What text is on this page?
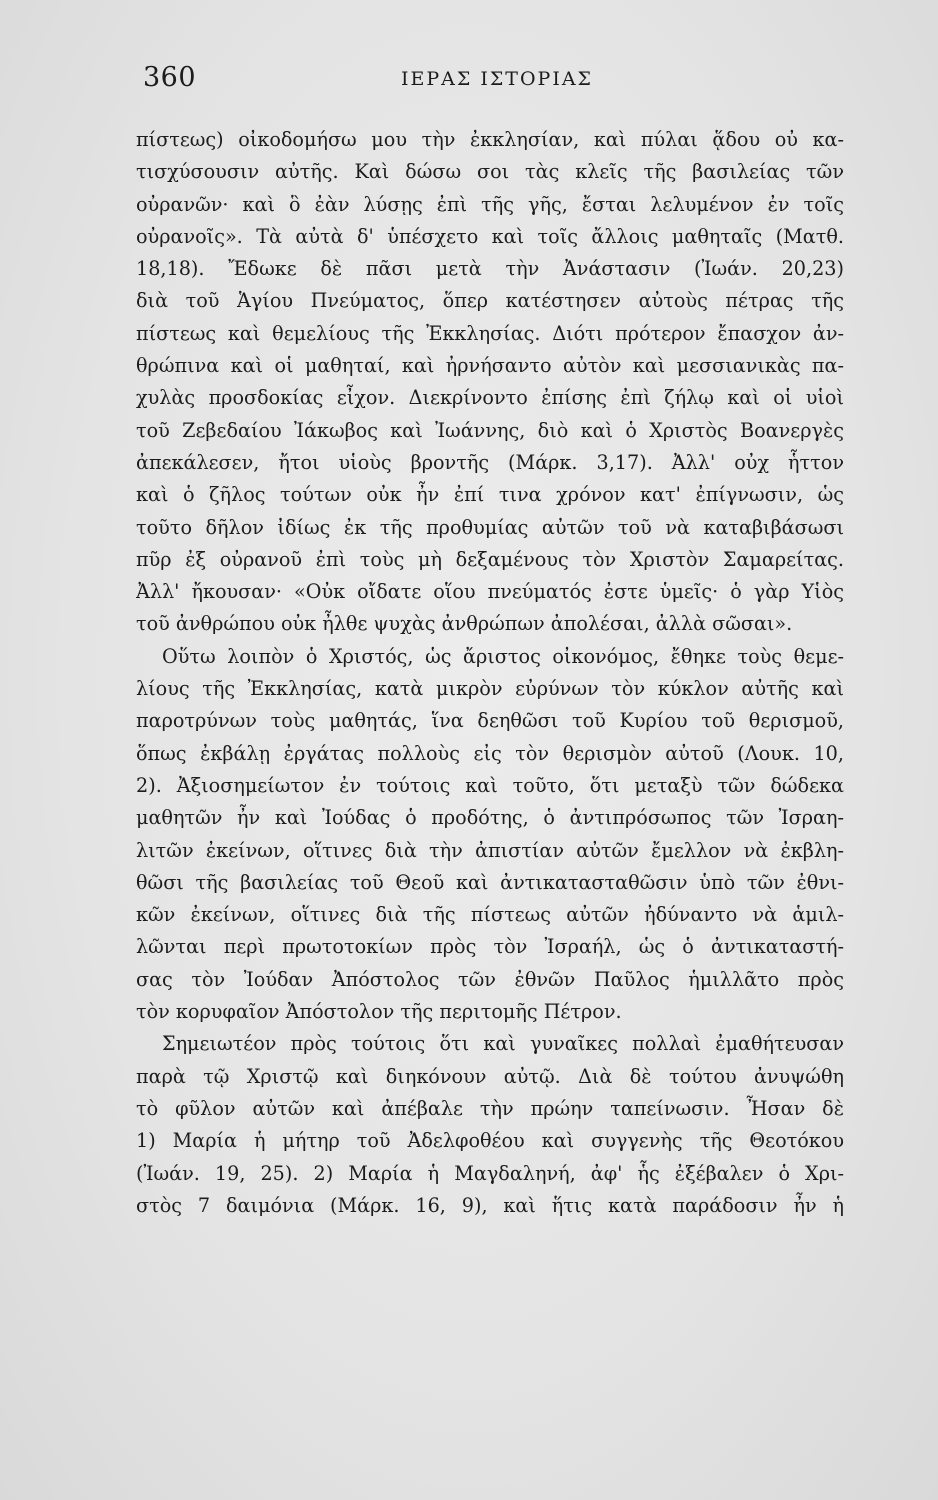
360	ΙΕΡΑΣ ΙΣΤΟΡΙΑΣ
πίστεως) οἰκοδομήσω μου τὴν ἐκκλησίαν, καὶ πύλαι ᾅδου οὐ κα-
τισχύσουσιν αὐτῆς. Καὶ δώσω σοι τὰς κλεῖς τῆς βασιλείας τῶν
οὐρανῶν· καὶ ὃ ἐὰν λύσῃς ἐπὶ τῆς γῆς, ἔσται λελυμένον ἐν τοῖς
οὐρανοῖς». Τὰ αὐτὰ δ' ὑπέσχετο καὶ τοῖς ἄλλοις μαθηταῖς (Ματθ.
18,18). Ἔδωκε δὲ πᾶσι μετὰ τὴν Ἀνάστασιν (Ἰωάν. 20,23)
διὰ τοῦ Ἁγίου Πνεύματος, ὅπερ κατέστησεν αὐτοὺς πέτρας τῆς
πίστεως καὶ θεμελίους τῆς Ἐκκλησίας. Διότι πρότερον ἔπασχον ἀν-
θρώπινα καὶ οἱ μαθηταί, καὶ ἠρνήσαντο αὐτὸν καὶ μεσσιανικὰς πα-
χυλὰς προσδοκίας εἶχον. Διεκρίνοντο ἐπίσης ἐπὶ ζήλῳ καὶ οἱ υἱοὶ
τοῦ Ζεβεδαίου Ἰάκωβος καὶ Ἰωάννης, διὸ καὶ ὁ Χριστὸς Βοανεργὲς
ἀπεκάλεσεν, ἤτοι υἱοὺς βροντῆς (Μάρκ. 3,17). Ἀλλ' οὐχ ἧττον
καὶ ὁ ζῆλος τούτων οὐκ ἦν ἐπί τινα χρόνον κατ' ἐπίγνωσιν, ὡς
τοῦτο δῆλον ἰδίως ἐκ τῆς προθυμίας αὐτῶν τοῦ νὰ καταβιβάσωσι
πῦρ ἐξ οὐρανοῦ ἐπὶ τοὺς μὴ δεξαμένους τὸν Χριστὸν Σαμαρείτας.
Ἀλλ' ἤκουσαν· «Οὐκ οἴδατε οἵου πνεύματός ἐστε ὑμεῖς· ὁ γὰρ Υἱὸς
τοῦ ἀνθρώπου οὐκ ἦλθε ψυχὰς ἀνθρώπων ἀπολέσαι, ἀλλὰ σῶσαι».
Οὕτω λοιπὸν ὁ Χριστός, ὡς ἄριστος οἰκονόμος, ἔθηκε τοὺς θεμε-
λίους τῆς Ἐκκλησίας, κατὰ μικρὸν εὐρύνων τὸν κύκλον αὐτῆς καὶ
παροτρύνων τοὺς μαθητάς, ἵνα δεηθῶσι τοῦ Κυρίου τοῦ θερισμοῦ,
ὅπως ἐκβάλῃ ἐργάτας πολλοὺς εἰς τὸν θερισμὸν αὐτοῦ (Λουκ. 10,
2). Ἀξιοσημείωτον ἐν τούτοις καὶ τοῦτο, ὅτι μεταξὺ τῶν δώδεκα
μαθητῶν ἦν καὶ Ἰούδας ὁ προδότης, ὁ ἀντιπρόσωπος τῶν Ἰσραη-
λιτῶν ἐκείνων, οἵτινες διὰ τὴν ἀπιστίαν αὐτῶν ἔμελλον νὰ ἐκβλη-
θῶσι τῆς βασιλείας τοῦ Θεοῦ καὶ ἀντικατασταθῶσιν ὑπὸ τῶν ἐθνι-
κῶν ἐκείνων, οἵτινες διὰ τῆς πίστεως αὐτῶν ἠδύναντο νὰ ἁμιλ-
λῶνται περὶ πρωτοτοκίων πρὸς τὸν Ἰσραήλ, ὡς ὁ ἀντικαταστή-
σας τὸν Ἰούδαν Ἀπόστολος τῶν ἐθνῶν Παῦλος ἡμιλλᾶτο πρὸς
τὸν κορυφαῖον Ἀπόστολον τῆς περιτομῆς Πέτρον.
Σημειωτέον πρὸς τούτοις ὅτι καὶ γυναῖκες πολλαὶ ἐμαθήτευσαν
παρὰ τῷ Χριστῷ καὶ διηκόνουν αὐτῷ. Διὰ δὲ τούτου ἀνυψώθη
τὸ φῦλον αὐτῶν καὶ ἀπέβαλε τὴν πρώην ταπείνωσιν. Ἦσαν δὲ
1) Μαρία ἡ μήτηρ τοῦ Ἀδελφοθέου καὶ συγγενὴς τῆς Θεοτόκου
(Ἰωάν. 19, 25). 2) Μαρία ἡ Μαγδαληνή, ἀφ' ἧς ἐξέβαλεν ὁ Χρι-
στὸς 7 δαιμόνια (Μάρκ. 16, 9), καὶ ἥτις κατὰ παράδοσιν ἦν ἡ
